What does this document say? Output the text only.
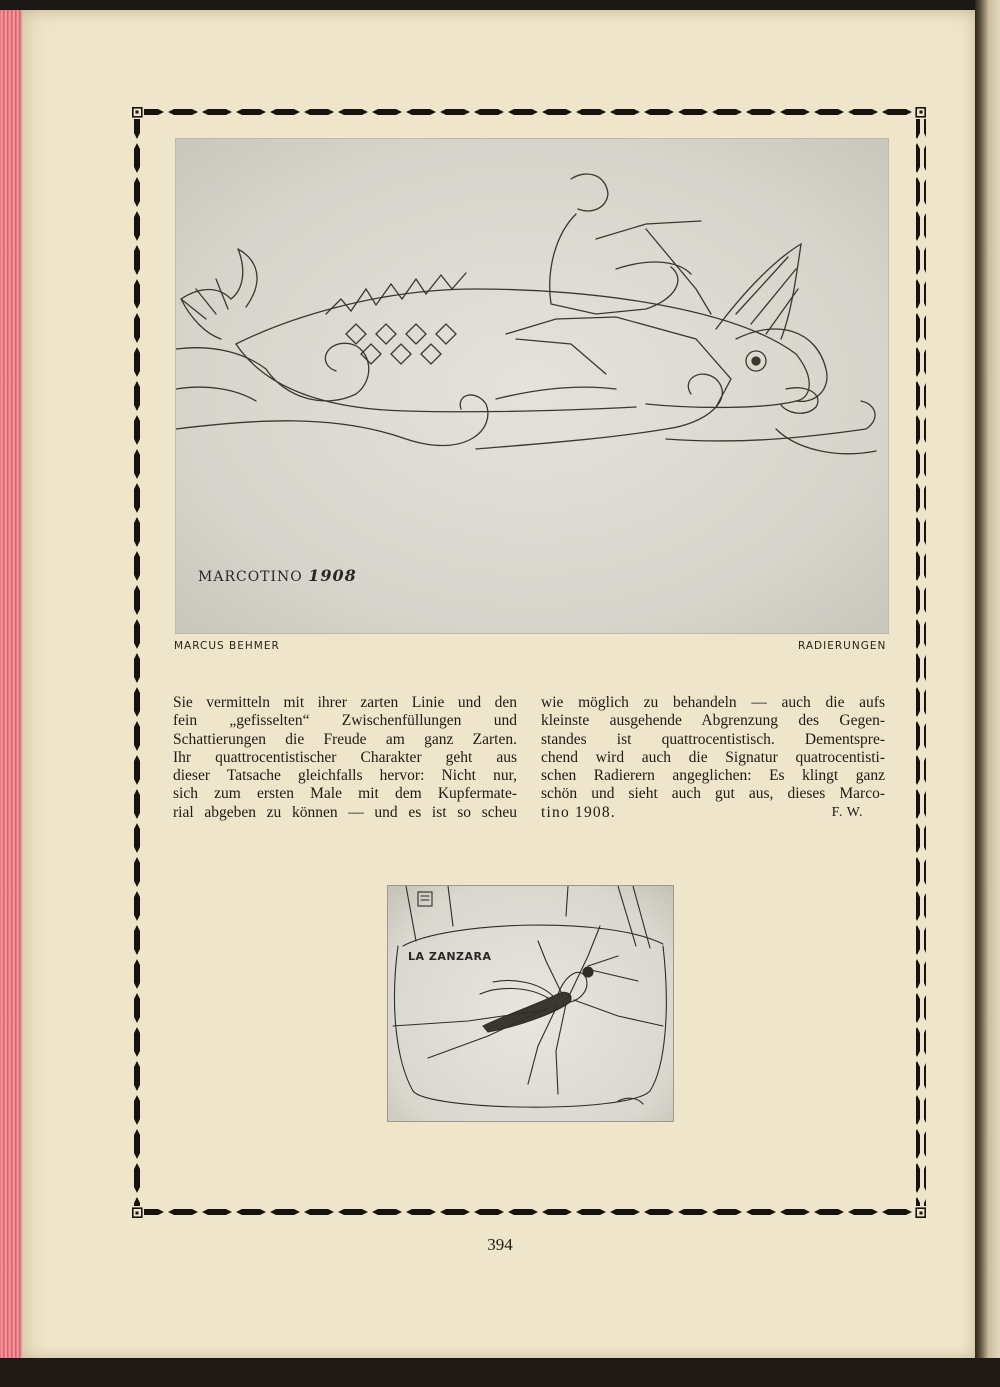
MARCOTINO 1908
MARCUS BEHMER	RADIERUNGEN
Sie vermitteln mit ihrer zarten Linie und den
fein „gefisselten“ Zwischenfüllungen und
Schattierungen die Freude am ganz Zarten.
Ihr quattrocentistischer Charakter geht aus
dieser Tatsache gleichfalls hervor: Nicht nur,
sich zum ersten Male mit dem Kupfermate-
rial abgeben zu können — und es ist so scheu
wie möglich zu behandeln — auch die aufs
kleinste ausgehende Abgrenzung des Gegen-
standes ist quattrocentistisch. Dementspre-
chend wird auch die Signatur quatrocentisti-
schen Radierern angeglichen: Es klingt ganz
schön und sieht auch gut aus, dieses Marco-
tino 1908.	F. W.
LA ZANZARA
394
